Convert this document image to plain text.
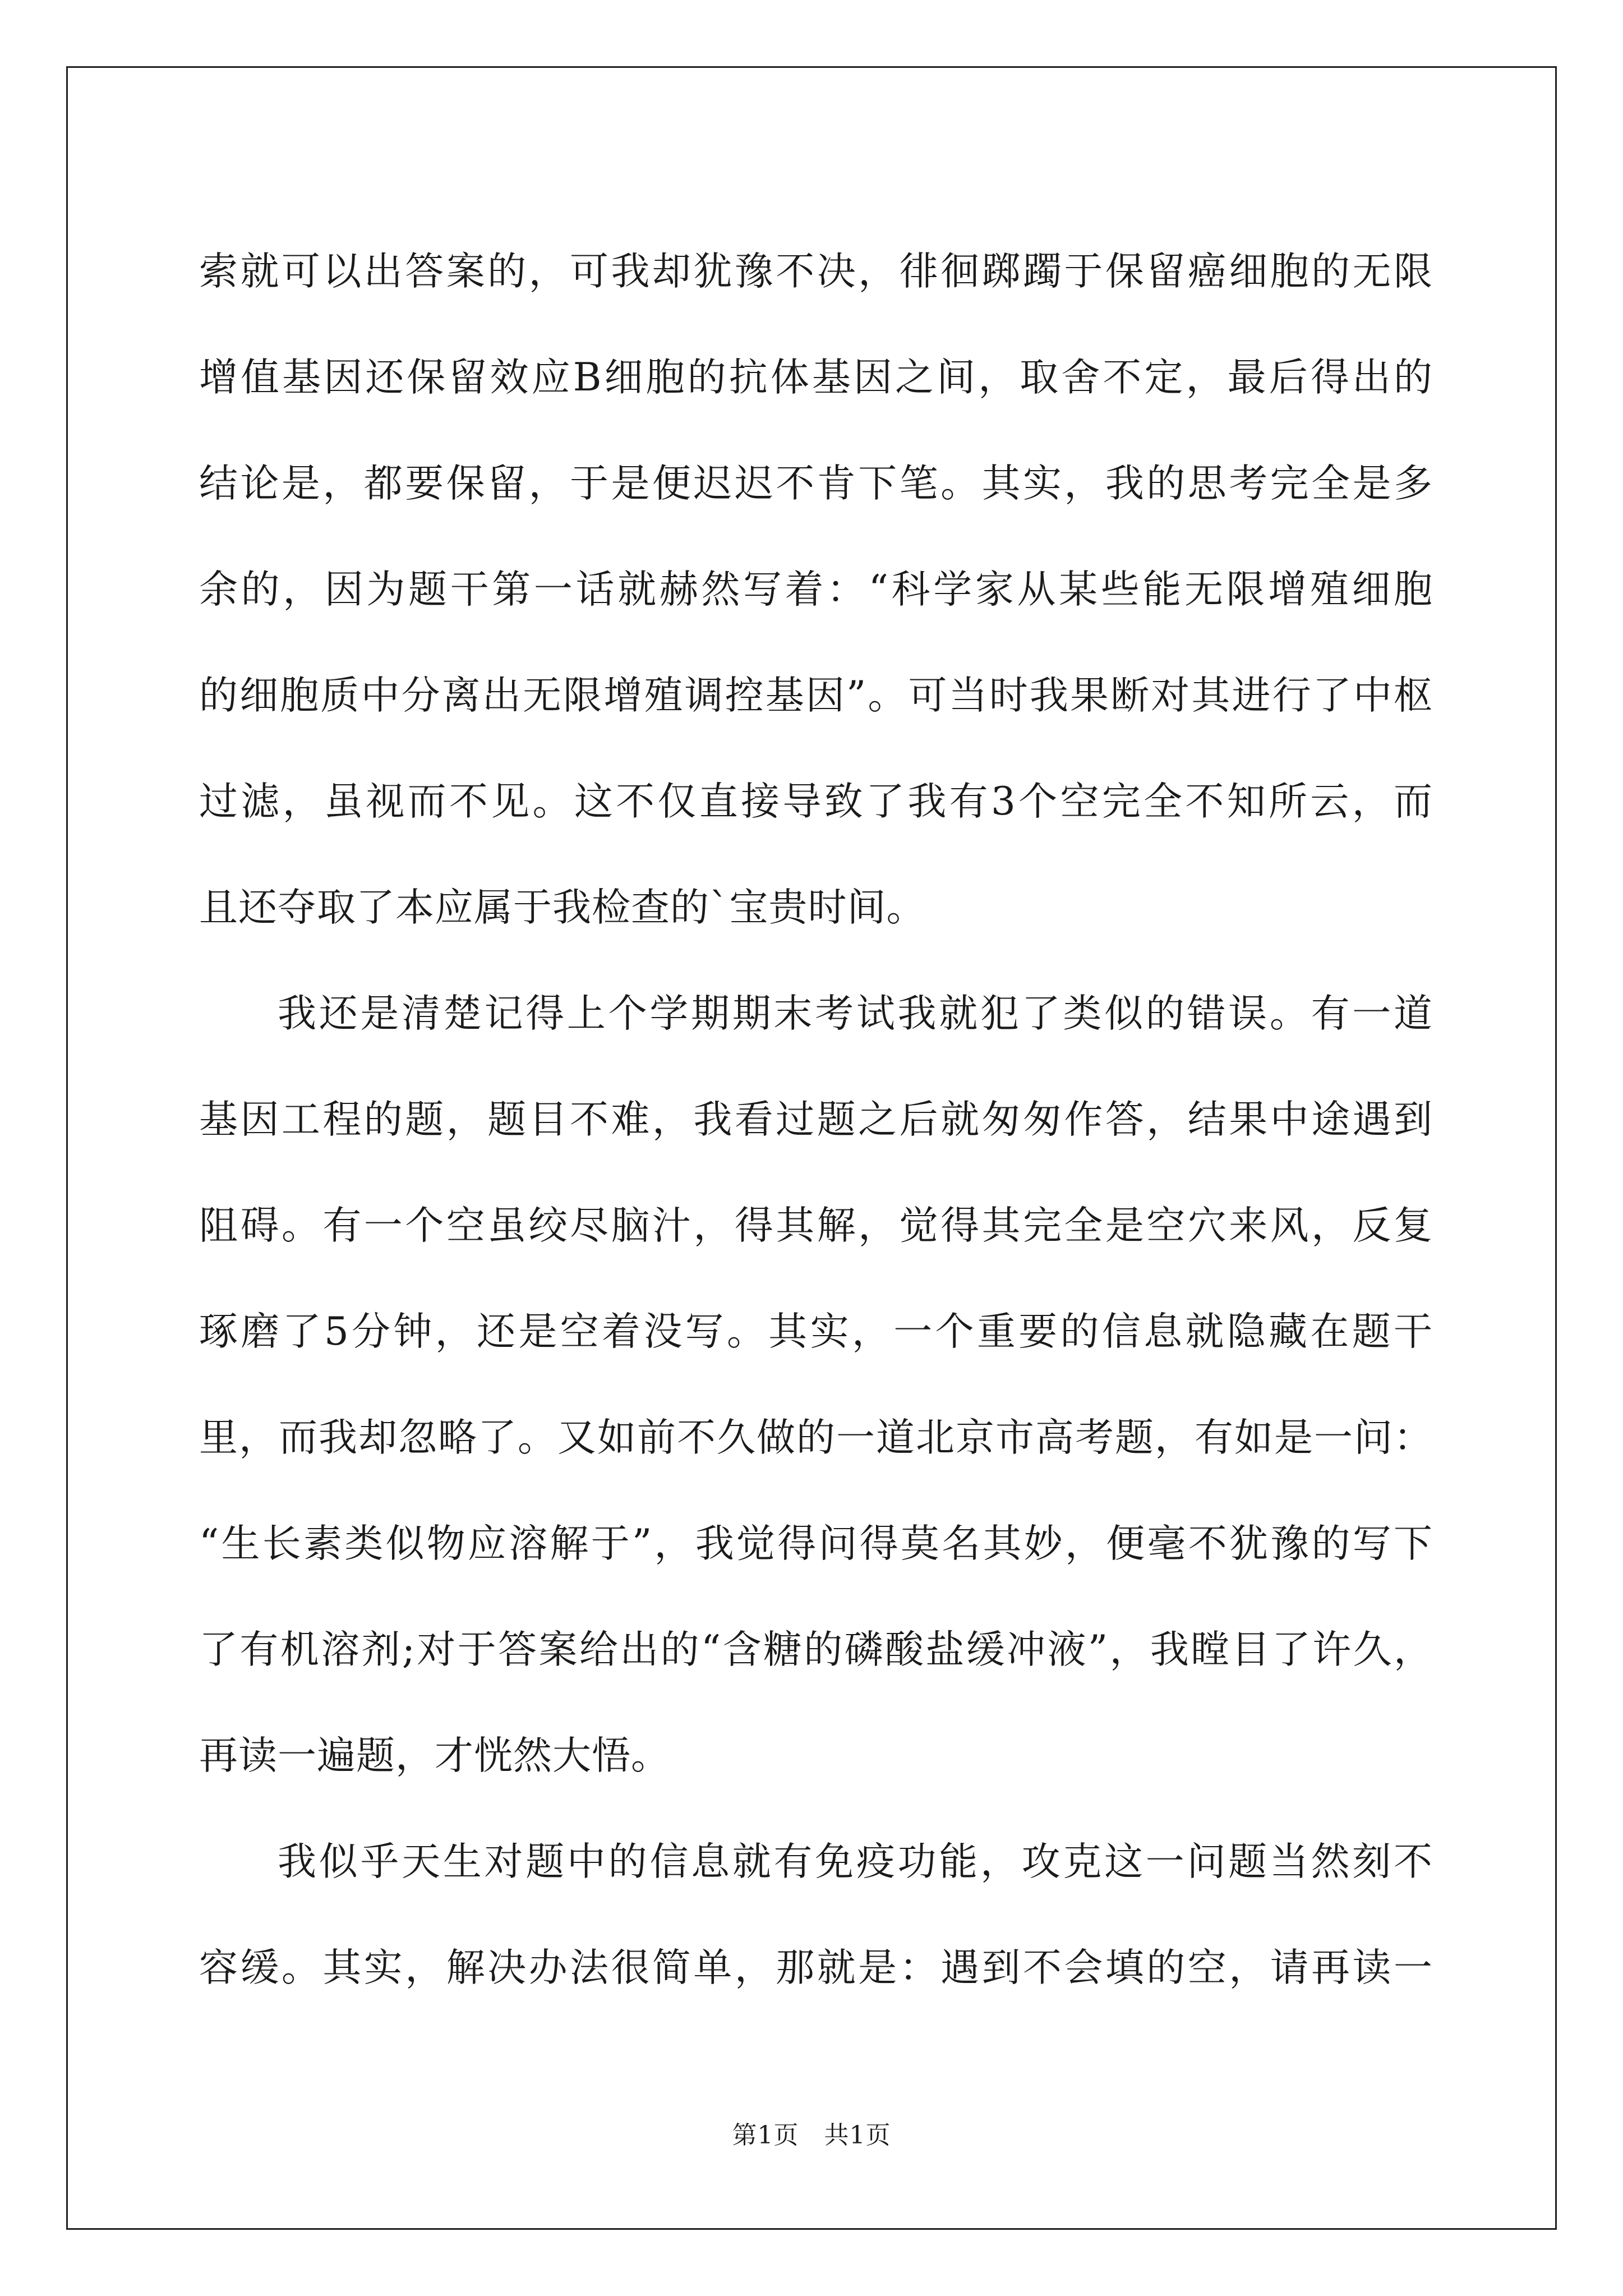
索就可以出答案的，可我却犹豫不决，徘徊踯躅于保留癌细胞的无限
增值基因还保留效应B细胞的抗体基因之间，取舍不定，最后得出的
结论是，都要保留，于是便迟迟不肯下笔。其实，我的思考完全是多
余的，因为题干第一话就赫然写着：“科学家从某些能无限增殖细胞
的细胞质中分离出无限增殖调控基因”。可当时我果断对其进行了中枢
过滤，虽视而不见。这不仅直接导致了我有3个空完全不知所云，而
且还夺取了本应属于我检查的`宝贵时间。

我还是清楚记得上个学期期末考试我就犯了类似的错误。有一道
基因工程的题，题目不难，我看过题之后就匆匆作答，结果中途遇到
阻碍。有一个空虽绞尽脑汁，得其解，觉得其完全是空穴来风，反复
琢磨了5分钟，还是空着没写。其实，一个重要的信息就隐藏在题干
里，而我却忽略了。又如前不久做的一道北京市高考题，有如是一问：
“生长素类似物应溶解于”，我觉得问得莫名其妙，便毫不犹豫的写下
了有机溶剂;对于答案给出的“含糖的磷酸盐缓冲液”，我瞠目了许久，
再读一遍题，才恍然大悟。

我似乎天生对题中的信息就有免疫功能，攻克这一问题当然刻不
容缓。其实，解决办法很简单，那就是：遇到不会填的空，请再读一

第1页　共1页
